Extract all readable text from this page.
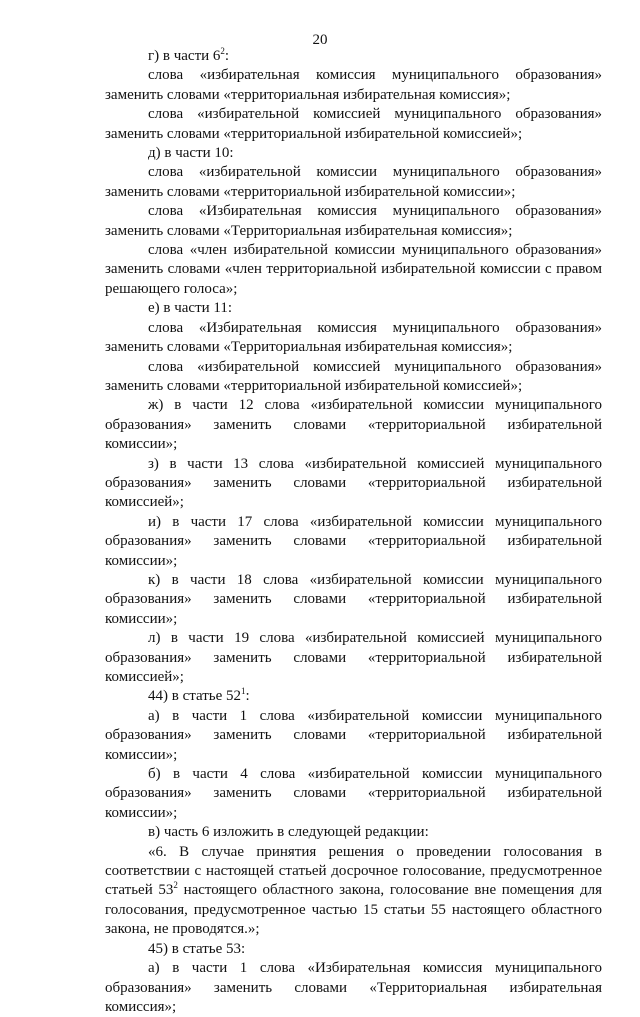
20

г) в части $6^2$:

слова «избирательная комиссия муниципального образования» заменить словами «территориальная избирательная комиссия»;

слова «избирательной комиссией муниципального образования» заменить словами «территориальной избирательной комиссией»;

д) в части 10:

слова «избирательной комиссии муниципального образования» заменить словами «территориальной избирательной комиссии»;

слова «Избирательная комиссия муниципального образования» заменить словами «Территориальная избирательная комиссия»;

слова «член избирательной комиссии муниципального образования» заменить словами «член территориальной избирательной комиссии с правом решающего голоса»;

е) в части 11:

слова «Избирательная комиссия муниципального образования» заменить словами «Территориальная избирательная комиссия»;

слова «избирательной комиссией муниципального образования» заменить словами «территориальной избирательной комиссией»;

ж) в части 12 слова «избирательной комиссии муниципального образования» заменить словами «территориальной избирательной комиссии»;

з) в части 13 слова «избирательной комиссией муниципального образования» заменить словами «территориальной избирательной комиссией»;

и) в части 17 слова «избирательной комиссии муниципального образования» заменить словами «территориальной избирательной комиссии»;

к) в части 18 слова «избирательной комиссии муниципального образования» заменить словами «территориальной избирательной комиссии»;

л) в части 19 слова «избирательной комиссией муниципального образования» заменить словами «территориальной избирательной комиссией»;

44) в статье $52^1$:

а) в части 1 слова «избирательной комиссии муниципального образования» заменить словами «территориальной избирательной комиссии»;

б) в части 4 слова «избирательной комиссии муниципального образования» заменить словами «территориальной избирательной комиссии»;

в) часть 6 изложить в следующей редакции:

«6. В случае принятия решения о проведении голосования в соответствии с настоящей статьей досрочное голосование, предусмотренное статьей $53^2$ настоящего областного закона, голосование вне помещения для голосования, предусмотренное частью 15 статьи 55 настоящего областного закона, не проводятся.»;

45) в статье 53:

а) в части 1 слова «Избирательная комиссия муниципального образования» заменить словами «Территориальная избирательная комиссия»;
